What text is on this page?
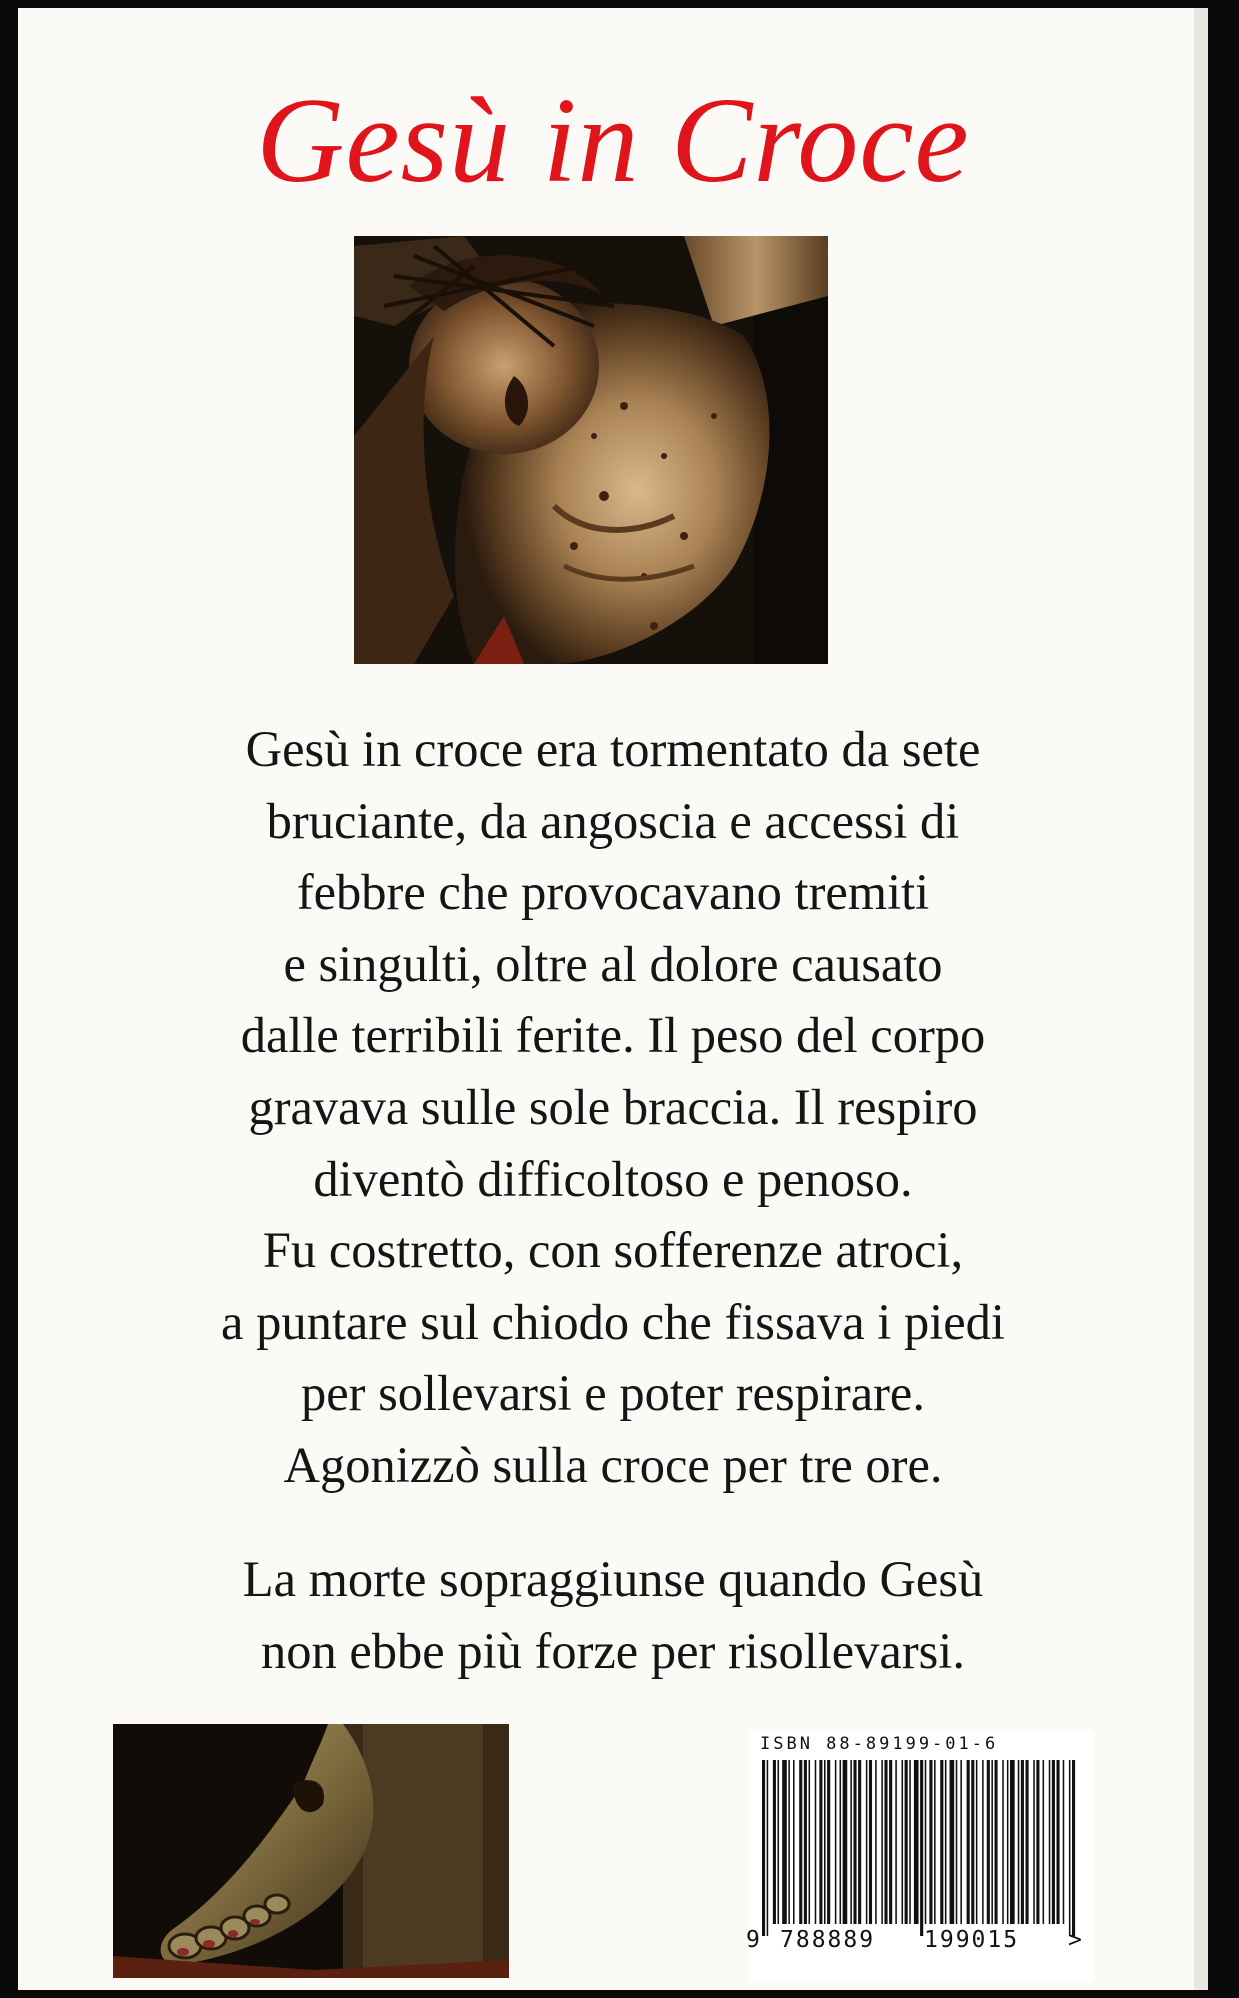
Gesù in Croce

Gesù in croce era tormentato da sete

bruciante, da angoscia e accessi di

febbre che provocavano tremiti

e singulti, oltre al dolore causato

dalle terribili ferite. Il peso del corpo

gravava sulle sole braccia. Il respiro

diventò difficoltoso e penoso.

Fu costretto, con sofferenze atroci,

a puntare sul chiodo che fissava i piedi

per sollevarsi e poter respirare.

Agonizzò sulla croce per tre ore.

La morte sopraggiunse quando Gesù

non ebbe più forze per risollevarsi.

ISBN 88-89199-01-6
9 788889 199015 >
